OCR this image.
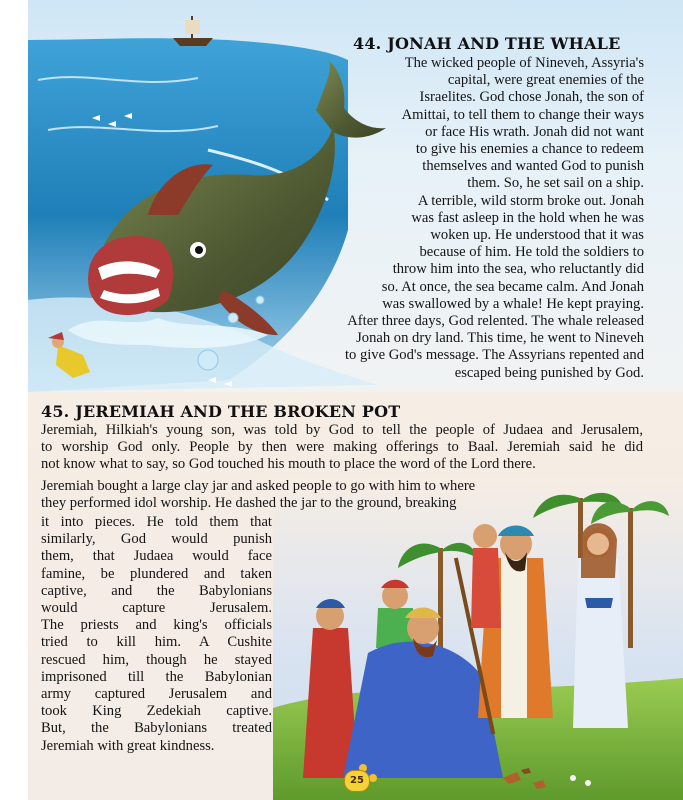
44. JONAH AND THE WHALE
The wicked people of Nineveh, Assyria's
capital, were great enemies of the
Israelites. God chose Jonah, the son of
Amittai, to tell them to change their ways
or face His wrath. Jonah did not want
to give his enemies a chance to redeem
themselves and wanted God to punish
them. So, he set sail on a ship.
A terrible, wild storm broke out. Jonah
was fast asleep in the hold when he was
woken up. He understood that it was
because of him. He told the soldiers to
throw him into the sea, who reluctantly did
so. At once, the sea became calm. And Jonah
was swallowed by a whale! He kept praying.
After three days, God relented. The whale released
Jonah on dry land. This time, he went to Nineveh
to give God's message. The Assyrians repented and
escaped being punished by God.
45. JEREMIAH AND THE BROKEN POT
Jeremiah, Hilkiah's young son, was told by God to tell the people of Judaea and Jerusalem,
to worship God only. People by then were making offerings to Baal. Jeremiah said he did
not know what to say, so God touched his mouth to place the word of the Lord there.
Jeremiah bought a large clay jar and asked people to go with him to where
they performed idol worship. He dashed the jar to the ground, breaking
it into pieces. He told them that
similarly, God would punish
them, that Judaea would face
famine, be plundered and taken
captive, and the Babylonians
would capture Jerusalem.
The priests and king's officials
tried to kill him. A Cushite
rescued him, though he stayed
imprisoned till the Babylonian
army captured Jerusalem and
took King Zedekiah captive.
But, the Babylonians treated
Jeremiah with great kindness.
25
